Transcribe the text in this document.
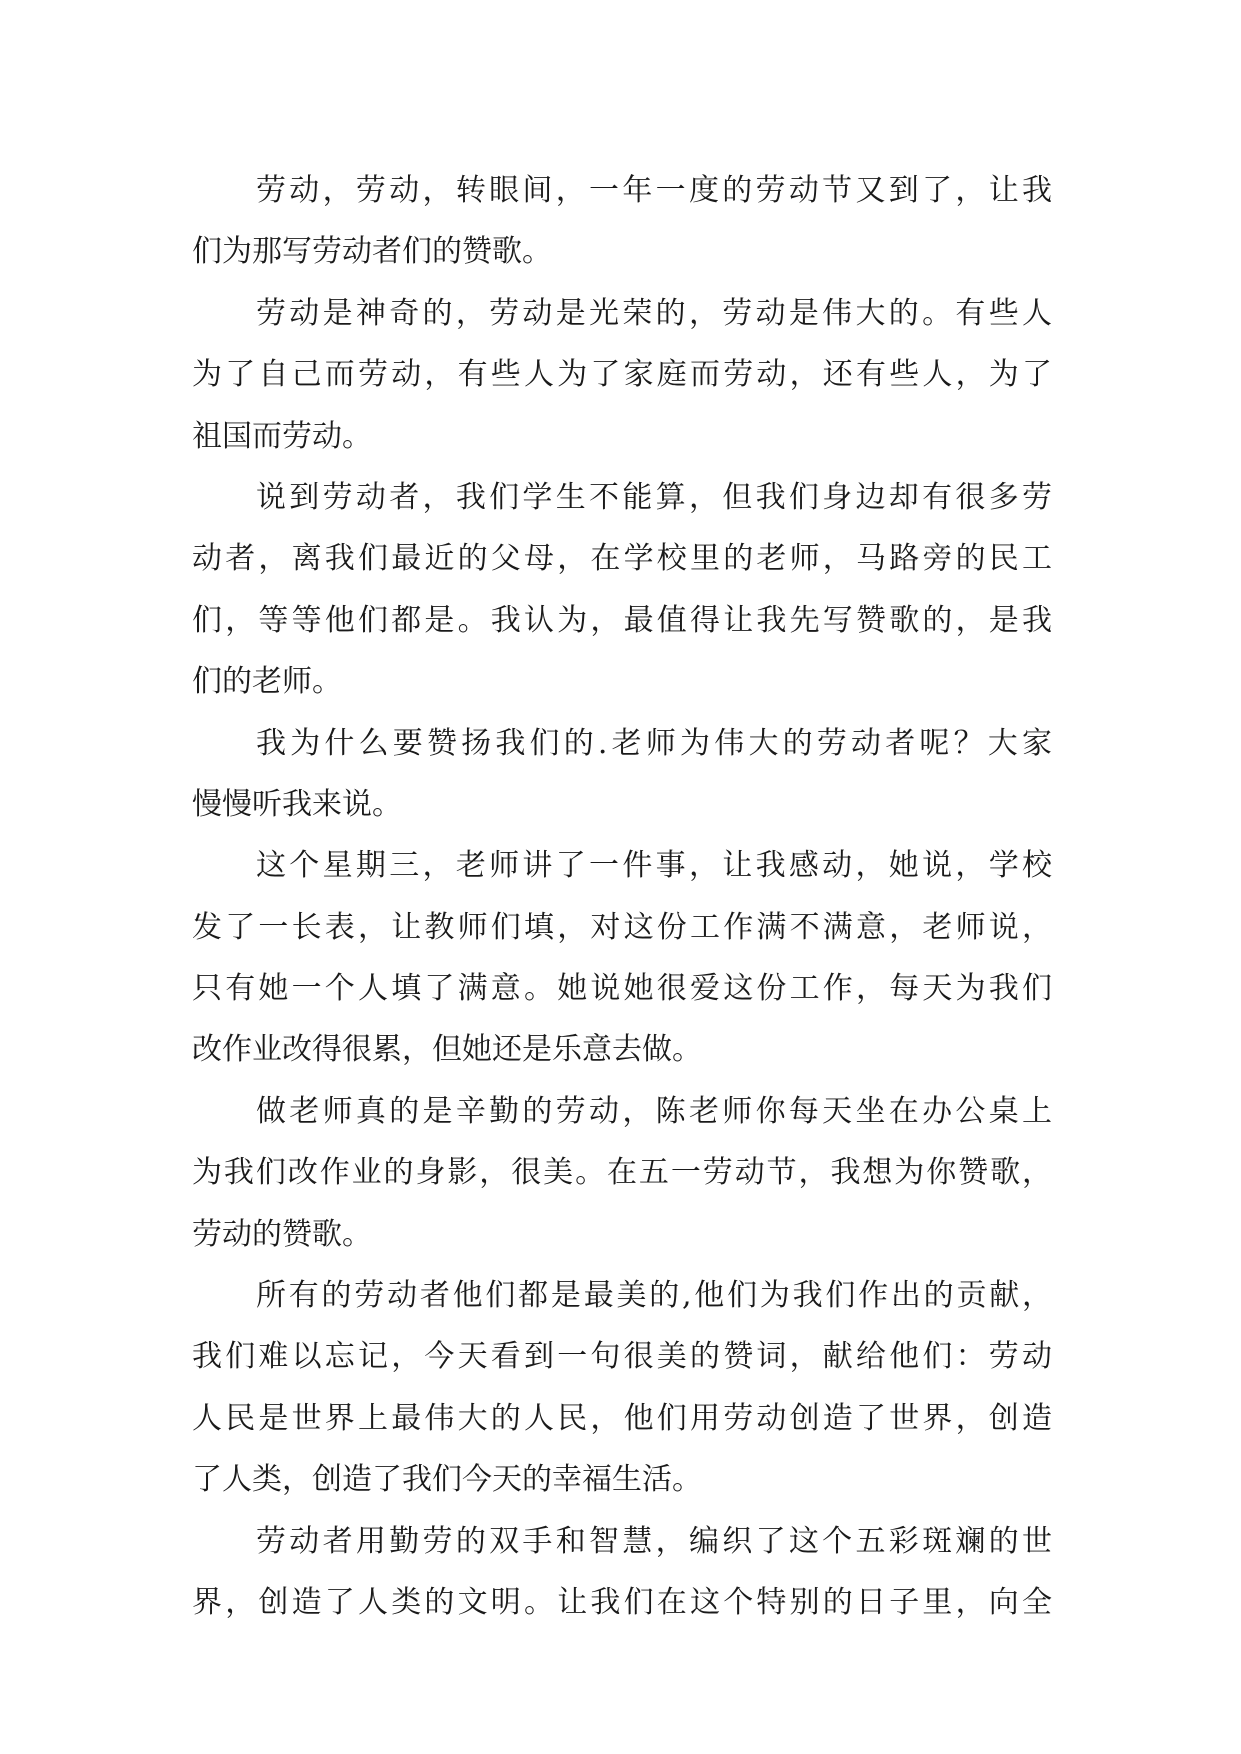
劳动，劳动，转眼间，一年一度的劳动节又到了，让我
们为那写劳动者们的赞歌。
劳动是神奇的，劳动是光荣的，劳动是伟大的。有些人
为了自己而劳动，有些人为了家庭而劳动，还有些人，为了
祖国而劳动。
说到劳动者，我们学生不能算，但我们身边却有很多劳
动者，离我们最近的父母，在学校里的老师，马路旁的民工
们，等等他们都是。我认为，最值得让我先写赞歌的，是我
们的老师。
我为什么要赞扬我们的.老师为伟大的劳动者呢？大家
慢慢听我来说。
这个星期三，老师讲了一件事，让我感动，她说，学校
发了一长表，让教师们填，对这份工作满不满意，老师说，
只有她一个人填了满意。她说她很爱这份工作，每天为我们
改作业改得很累，但她还是乐意去做。
做老师真的是辛勤的劳动，陈老师你每天坐在办公桌上
为我们改作业的身影，很美。在五一劳动节，我想为你赞歌，
劳动的赞歌。
所有的劳动者他们都是最美的,他们为我们作出的贡献，
我们难以忘记，今天看到一句很美的赞词，献给他们：劳动
人民是世界上最伟大的人民，他们用劳动创造了世界，创造
了人类，创造了我们今天的幸福生活。
劳动者用勤劳的双手和智慧，编织了这个五彩斑斓的世
界，创造了人类的文明。让我们在这个特别的日子里，向全
